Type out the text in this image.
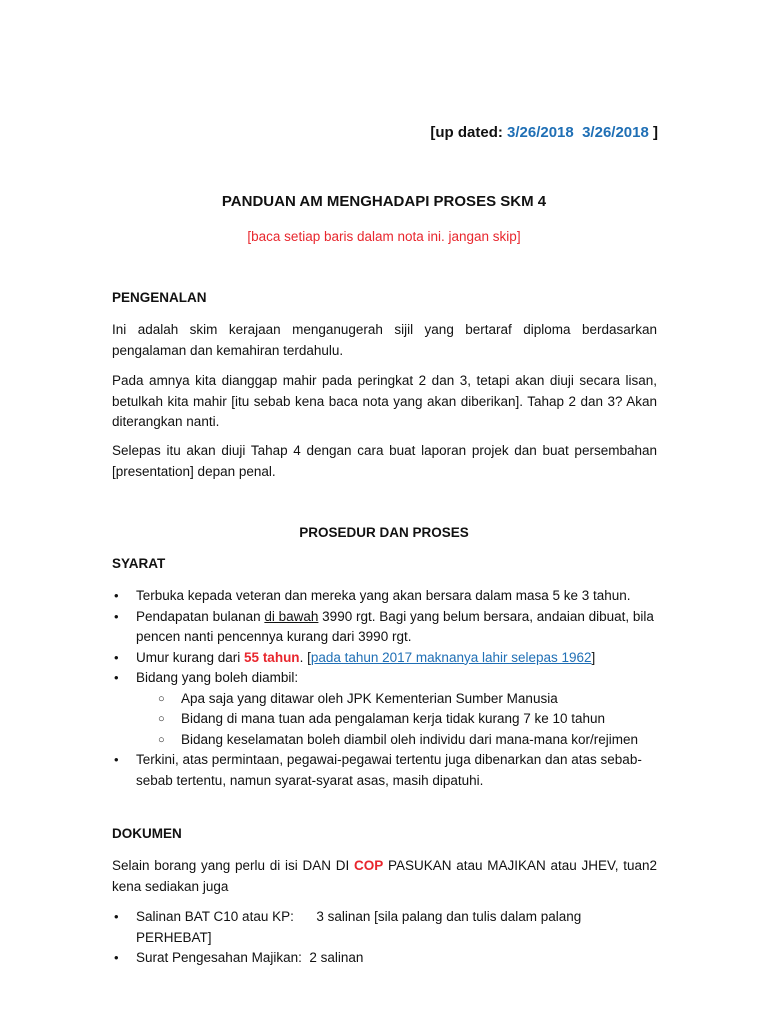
[up dated: 3/26/2018 3/26/2018 ]
PANDUAN AM MENGHADAPI PROSES SKM 4
[baca setiap baris dalam nota ini. jangan skip]
PENGENALAN
Ini adalah skim kerajaan menganugerah sijil yang bertaraf diploma berdasarkan pengalaman dan kemahiran terdahulu.
Pada amnya kita dianggap mahir pada peringkat 2 dan 3, tetapi akan diuji secara lisan, betulkah kita mahir [itu sebab kena baca nota yang akan diberikan]. Tahap 2 dan 3? Akan diterangkan nanti.
Selepas itu akan diuji Tahap 4 dengan cara buat laporan projek dan buat persembahan [presentation] depan penal.
PROSEDUR DAN PROSES
SYARAT
• Terbuka kepada veteran dan mereka yang akan bersara dalam masa 5 ke 3 tahun.
• Pendapatan bulanan di bawah 3990 rgt. Bagi yang belum bersara, andaian dibuat, bila pencen nanti pencennya kurang dari 3990 rgt.
• Umur kurang dari 55 tahun. [pada tahun 2017 maknanya lahir selepas 1962]
• Bidang yang boleh diambil:
○ Apa saja yang ditawar oleh JPK Kementerian Sumber Manusia
○ Bidang di mana tuan ada pengalaman kerja tidak kurang 7 ke 10 tahun
○ Bidang keselamatan boleh diambil oleh individu dari mana-mana kor/rejimen
• Terkini, atas permintaan, pegawai-pegawai tertentu juga dibenarkan dan atas sebab-sebab tertentu, namun syarat-syarat asas, masih dipatuhi.
DOKUMEN
Selain borang yang perlu di isi DAN DI COP PASUKAN atau MAJIKAN atau JHEV, tuan2 kena sediakan juga
• Salinan BAT C10 atau KP:      3 salinan [sila palang dan tulis dalam palang PERHEBAT]
• Surat Pengesahan Majikan:  2 salinan
